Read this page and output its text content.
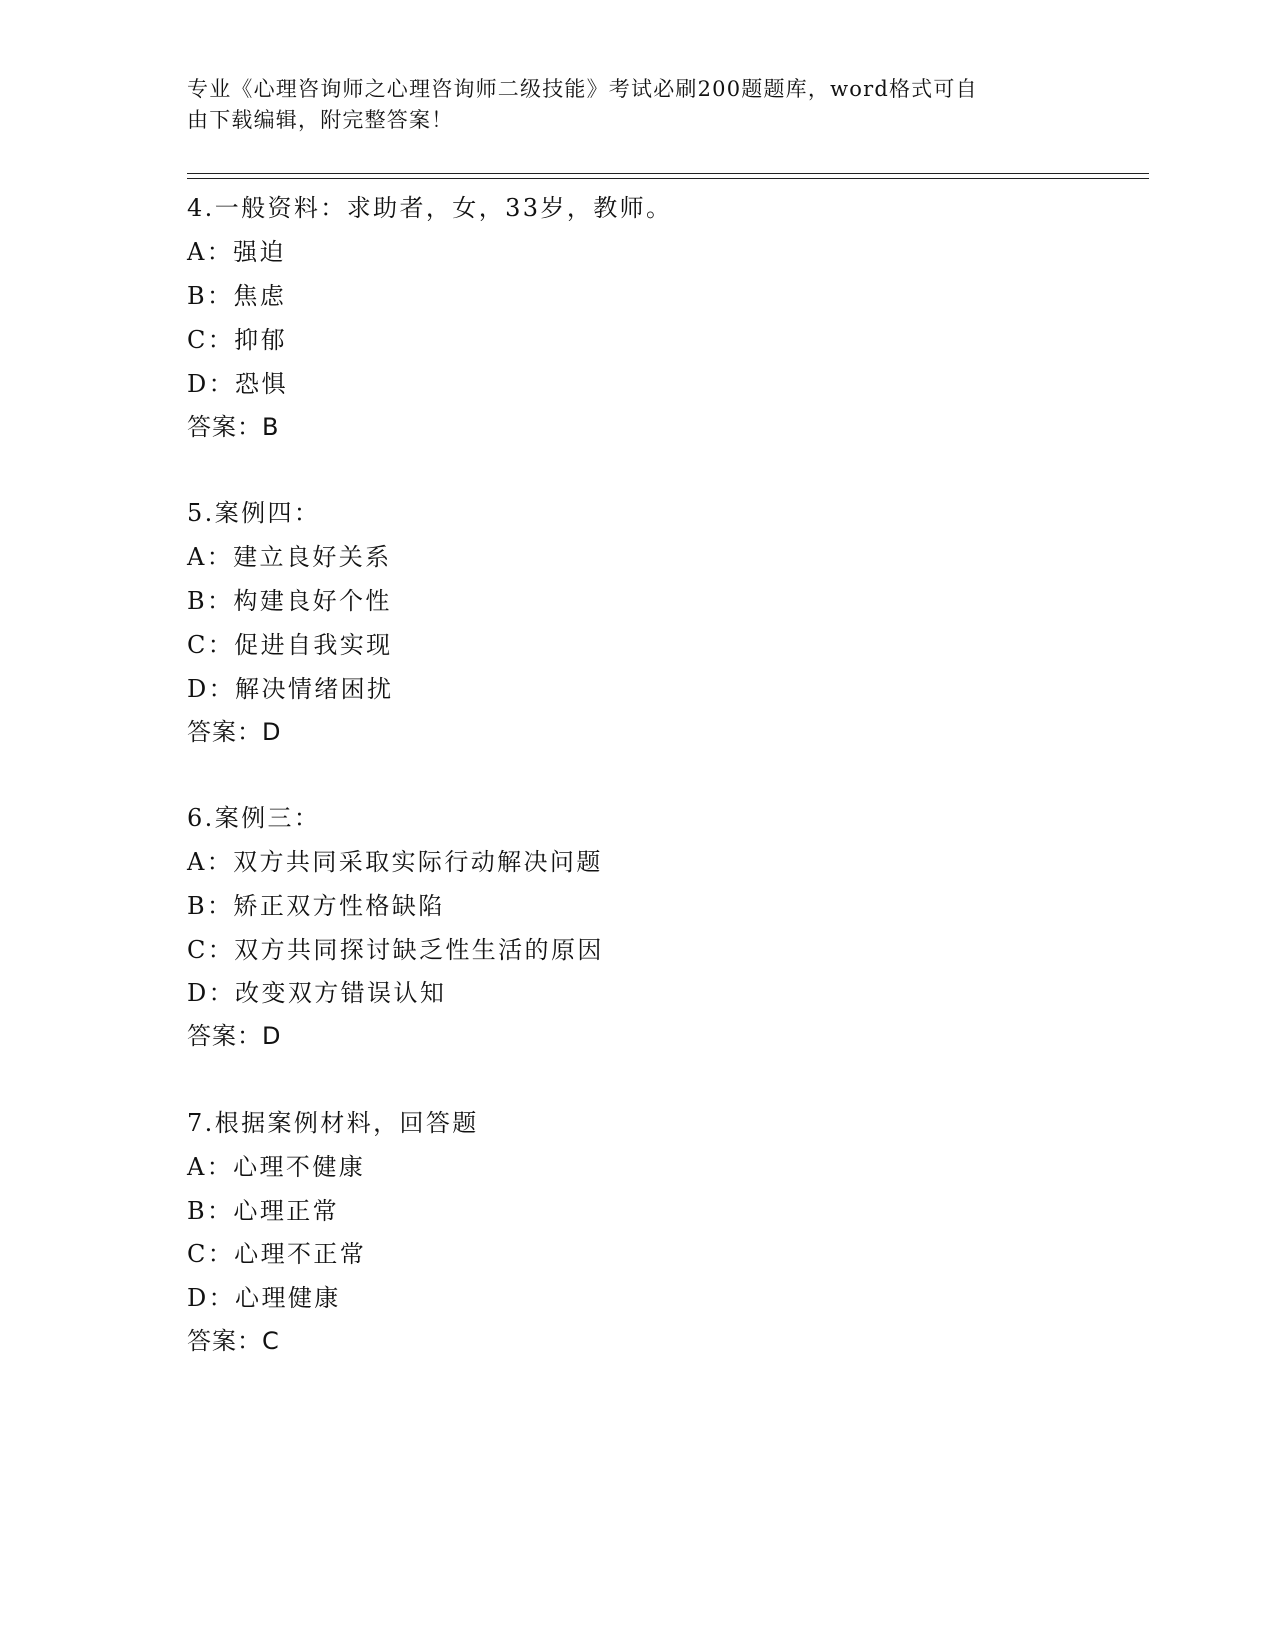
专业《心理咨询师之心理咨询师二级技能》考试必刷200题题库，word格式可自
由下载编辑，附完整答案！
4.一般资料：求助者，女，33岁，教师。
A：强迫
B：焦虑
C：抑郁
D：恐惧
答案：B
5.案例四：
A：建立良好关系
B：构建良好个性
C：促进自我实现
D：解决情绪困扰
答案：D
6.案例三：
A：双方共同采取实际行动解决问题
B：矫正双方性格缺陷
C：双方共同探讨缺乏性生活的原因
D：改变双方错误认知
答案：D
7.根据案例材料，回答题
A：心理不健康
B：心理正常
C：心理不正常
D：心理健康
答案：C
